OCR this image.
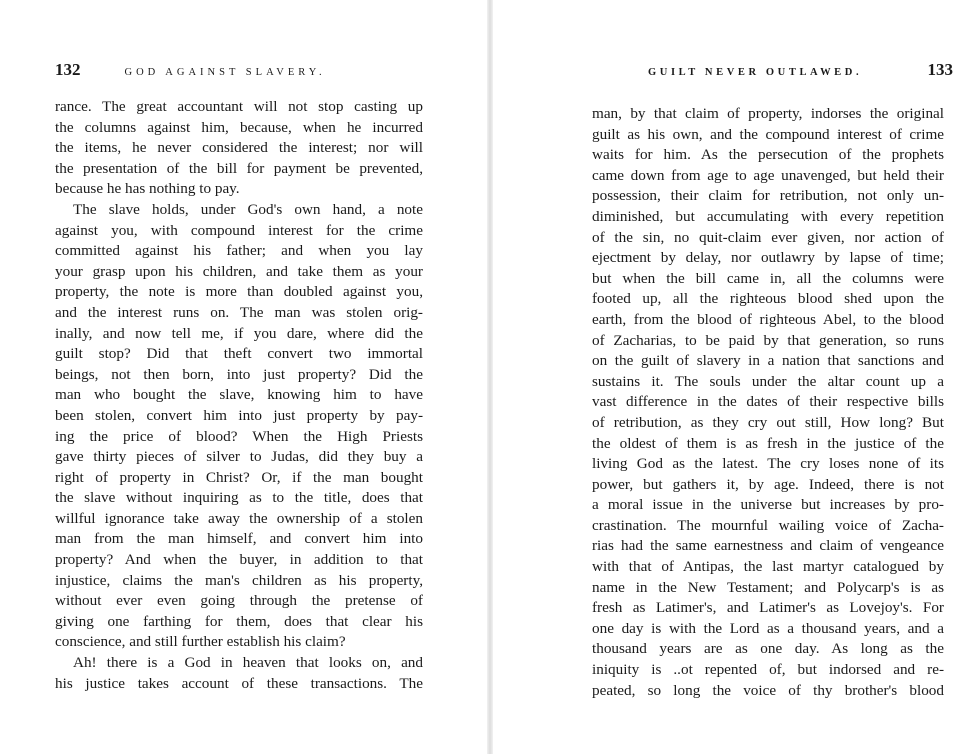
132	GOD AGAINST SLAVERY.
rance. The great accountant will not stop casting up
the columns against him, because, when he incurred
the items, he never considered the interest; nor will
the presentation of the bill for payment be prevented,
because he has nothing to pay.
The slave holds, under God's own hand, a note
against you, with compound interest for the crime
committed against his father; and when you lay
your grasp upon his children, and take them as your
property, the note is more than doubled against you,
and the interest runs on. The man was stolen orig-
inally, and now tell me, if you dare, where did the
guilt stop? Did that theft convert two immortal
beings, not then born, into just property? Did the
man who bought the slave, knowing him to have
been stolen, convert him into just property by pay-
ing the price of blood? When the High Priests
gave thirty pieces of silver to Judas, did they buy a
right of property in Christ? Or, if the man bought
the slave without inquiring as to the title, does that
willful ignorance take away the ownership of a stolen
man from the man himself, and convert him into
property? And when the buyer, in addition to that
injustice, claims the man's children as his property,
without ever even going through the pretense of
giving one farthing for them, does that clear his
conscience, and still further establish his claim?
Ah! there is a God in heaven that looks on, and
his justice takes account of these transactions. The
GUILT NEVER OUTLAWED.	133
man, by that claim of property, indorses the original
guilt as his own, and the compound interest of crime
waits for him. As the persecution of the prophets
came down from age to age unavenged, but held their
possession, their claim for retribution, not only un-
diminished, but accumulating with every repetition
of the sin, no quit-claim ever given, nor action of
ejectment by delay, nor outlawry by lapse of time;
but when the bill came in, all the columns were
footed up, all the righteous blood shed upon the
earth, from the blood of righteous Abel, to the blood
of Zacharias, to be paid by that generation, so runs
on the guilt of slavery in a nation that sanctions and
sustains it. The souls under the altar count up a
vast difference in the dates of their respective bills
of retribution, as they cry out still, How long? But
the oldest of them is as fresh in the justice of the
living God as the latest. The cry loses none of its
power, but gathers it, by age. Indeed, there is not
a moral issue in the universe but increases by pro-
crastination. The mournful wailing voice of Zacha-
rias had the same earnestness and claim of vengeance
with that of Antipas, the last martyr catalogued by
name in the New Testament; and Polycarp's is as
fresh as Latimer's, and Latimer's as Lovejoy's. For
one day is with the Lord as a thousand years, and a
thousand years are as one day. As long as the
iniquity is ..ot repented of, but indorsed and re-
peated, so long the voice of thy brother's blood
